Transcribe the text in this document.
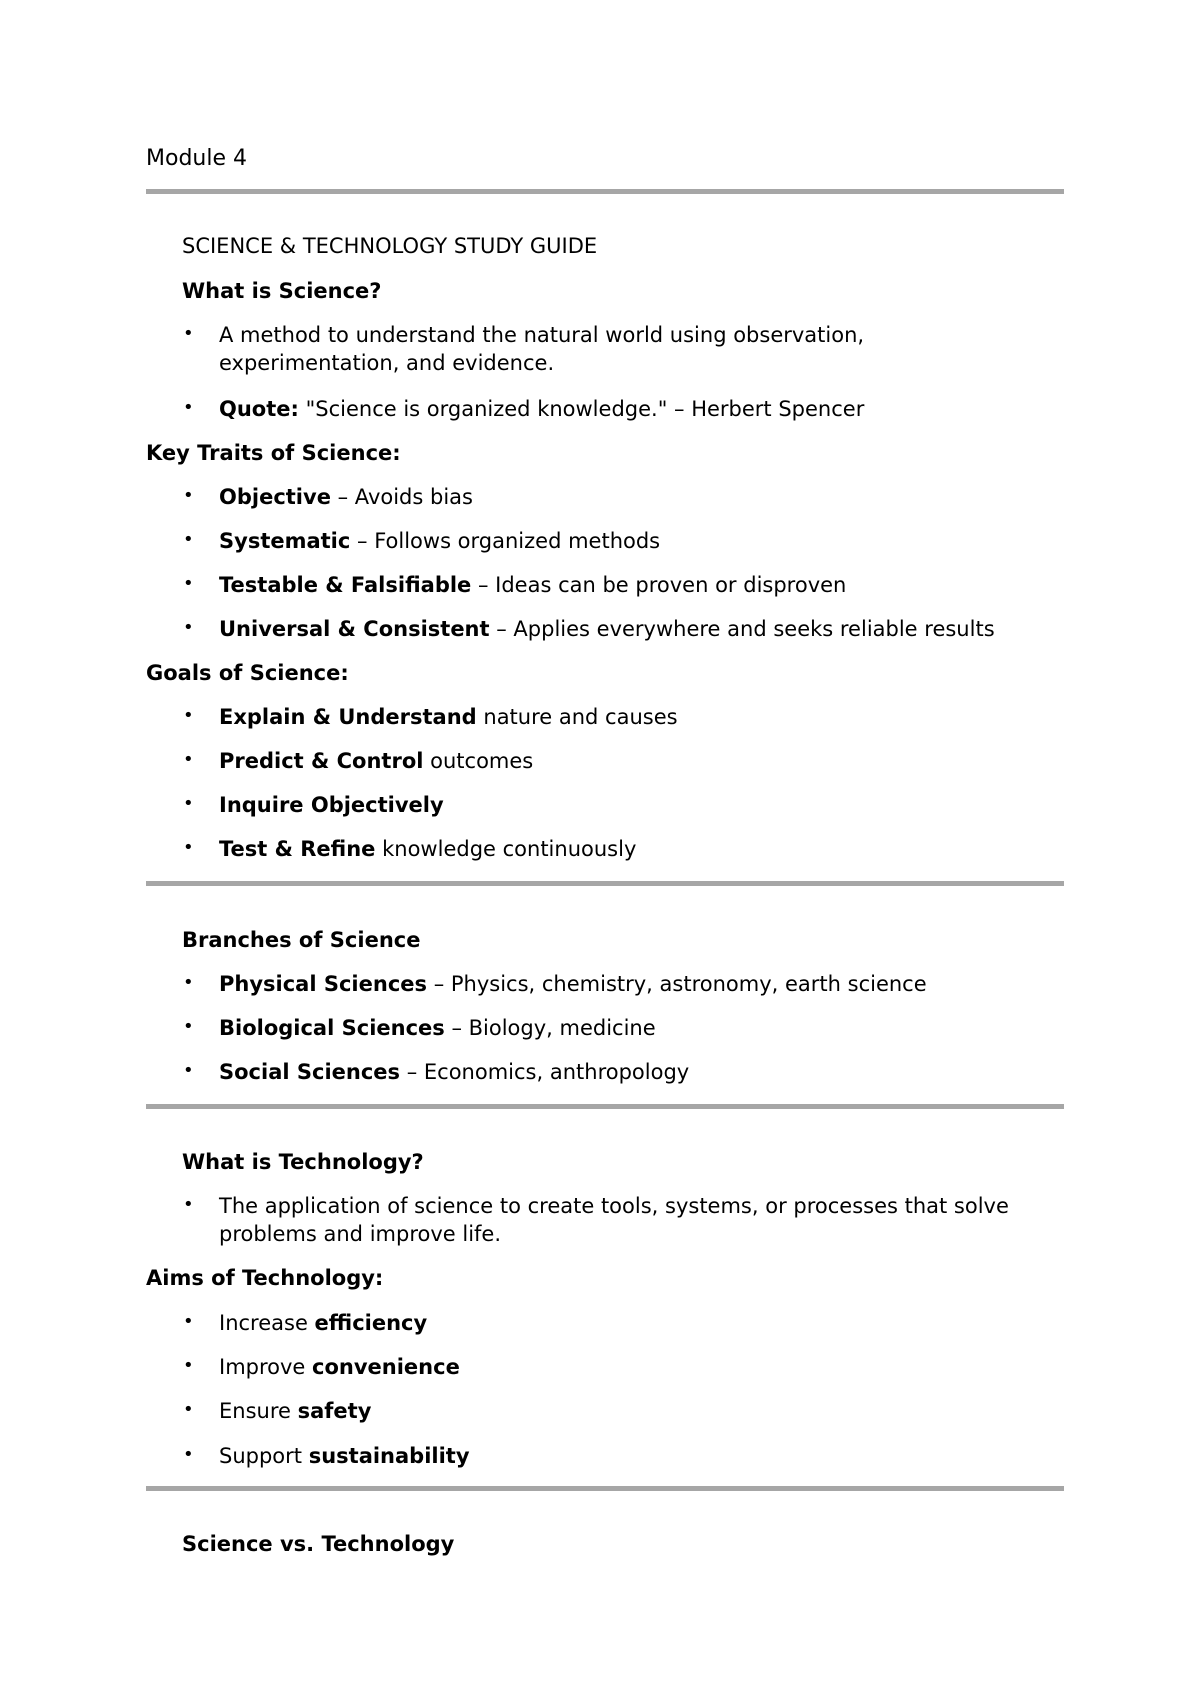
Module 4
SCIENCE & TECHNOLOGY STUDY GUIDE
What is Science?
• A method to understand the natural world using observation,
experimentation, and evidence.
• Quote: "Science is organized knowledge." – Herbert Spencer
Key Traits of Science:
• Objective – Avoids bias
• Systematic – Follows organized methods
• Testable & Falsifiable – Ideas can be proven or disproven
• Universal & Consistent – Applies everywhere and seeks reliable results
Goals of Science:
• Explain & Understand nature and causes
• Predict & Control outcomes
• Inquire Objectively
• Test & Refine knowledge continuously
Branches of Science
• Physical Sciences – Physics, chemistry, astronomy, earth science
• Biological Sciences – Biology, medicine
• Social Sciences – Economics, anthropology
What is Technology?
• The application of science to create tools, systems, or processes that solve
problems and improve life.
Aims of Technology:
• Increase efficiency
• Improve convenience
• Ensure safety
• Support sustainability
Science vs. Technology
